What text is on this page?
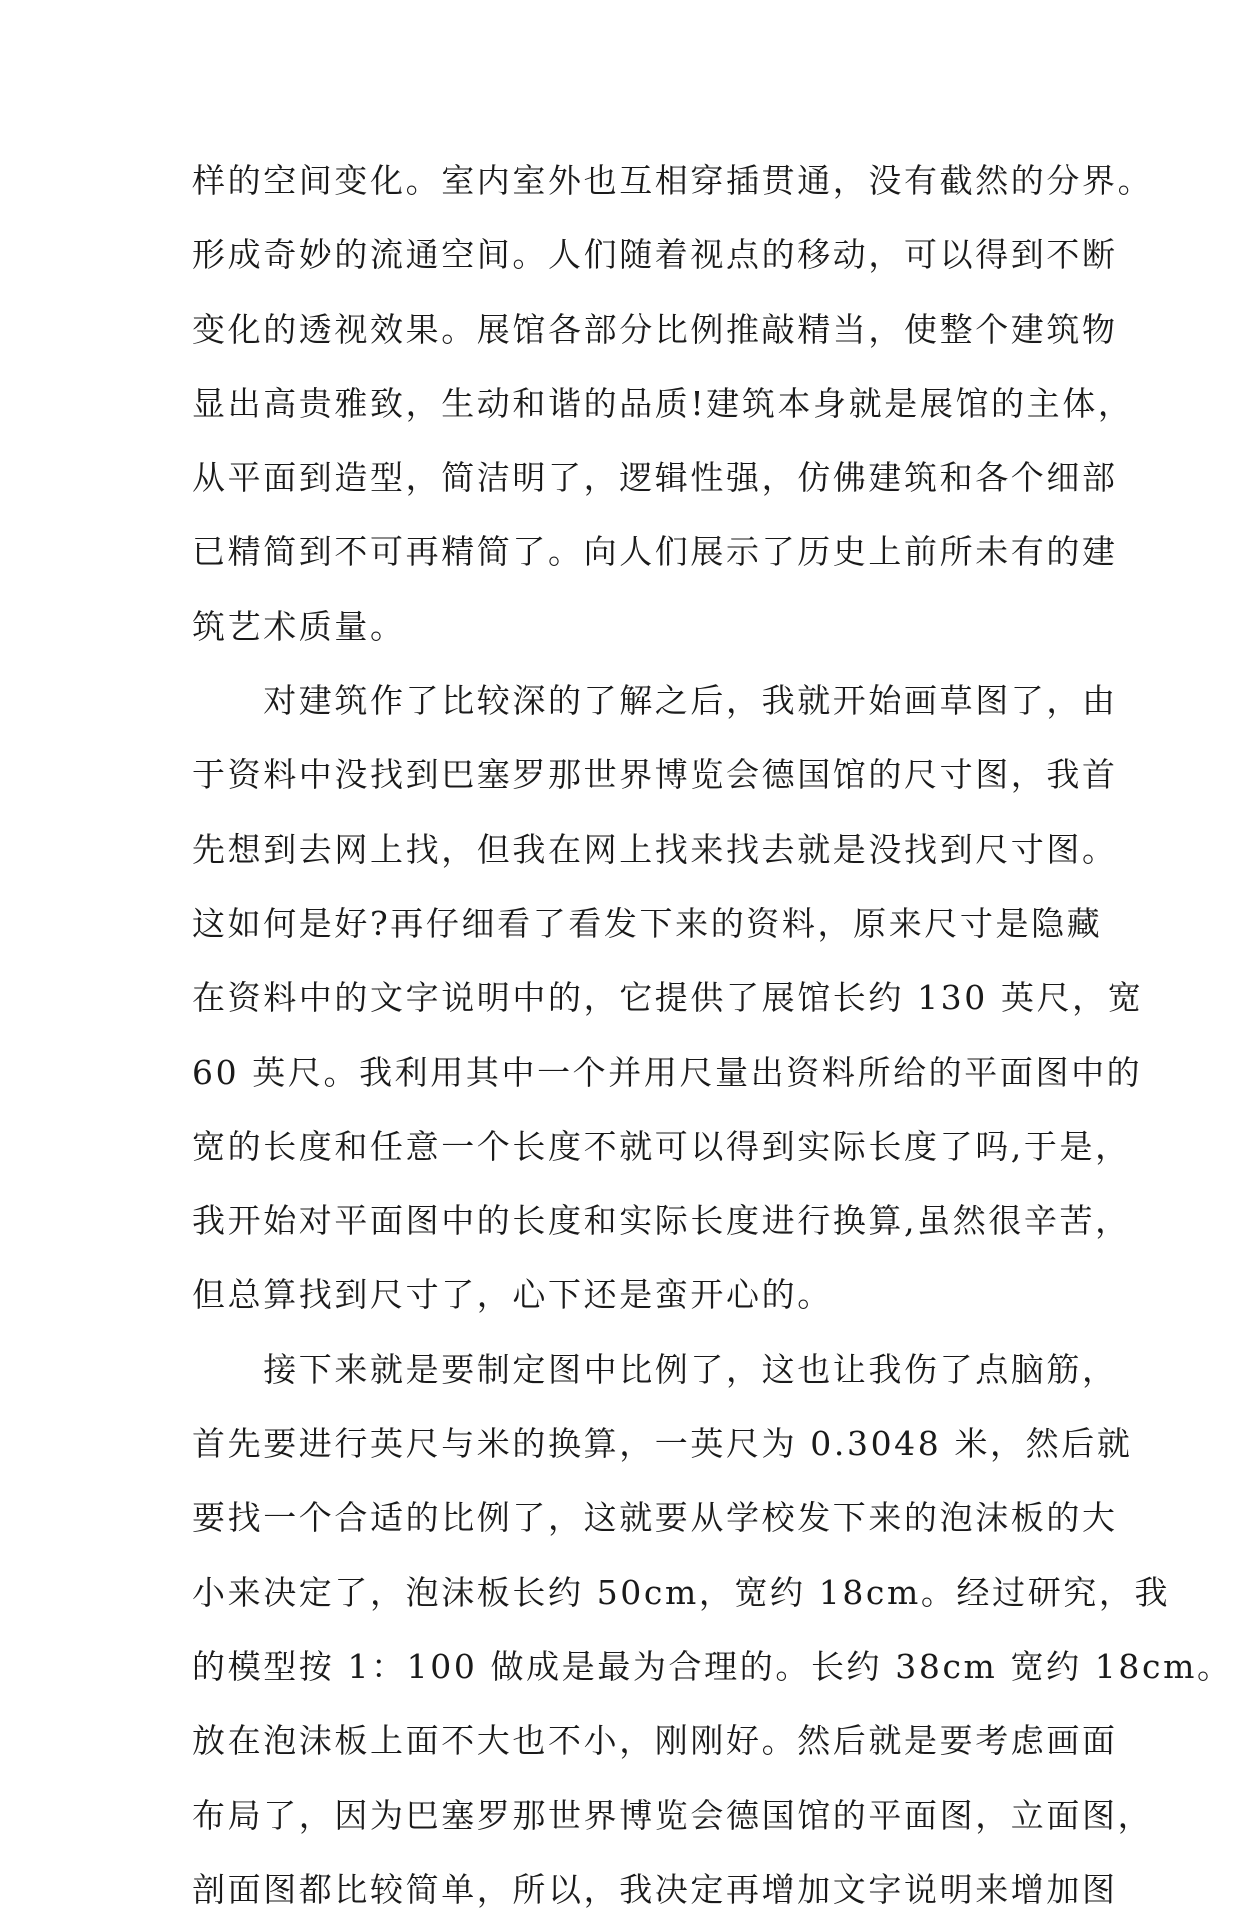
样的空间变化。室内室外也互相穿插贯通，没有截然的分界。
形成奇妙的流通空间。人们随着视点的移动，可以得到不断
变化的透视效果。展馆各部分比例推敲精当，使整个建筑物
显出高贵雅致，生动和谐的品质!建筑本身就是展馆的主体，
从平面到造型，简洁明了，逻辑性强，仿佛建筑和各个细部
已精简到不可再精简了。向人们展示了历史上前所未有的建
筑艺术质量。
　　对建筑作了比较深的了解之后，我就开始画草图了，由
于资料中没找到巴塞罗那世界博览会德国馆的尺寸图，我首
先想到去网上找，但我在网上找来找去就是没找到尺寸图。
这如何是好?再仔细看了看发下来的资料，原来尺寸是隐藏
在资料中的文字说明中的，它提供了展馆长约 130 英尺，宽
60 英尺。我利用其中一个并用尺量出资料所给的平面图中的
宽的长度和任意一个长度不就可以得到实际长度了吗,于是，
我开始对平面图中的长度和实际长度进行换算,虽然很辛苦，
但总算找到尺寸了，心下还是蛮开心的。
　　接下来就是要制定图中比例了，这也让我伤了点脑筋，
首先要进行英尺与米的换算，一英尺为 0.3048 米，然后就
要找一个合适的比例了，这就要从学校发下来的泡沫板的大
小来决定了，泡沫板长约 50cm，宽约 18cm。经过研究，我
的模型按 1：100 做成是最为合理的。长约 38cm 宽约 18cm。
放在泡沫板上面不大也不小，刚刚好。然后就是要考虑画面
布局了，因为巴塞罗那世界博览会德国馆的平面图，立面图，
剖面图都比较简单，所以，我决定再增加文字说明来增加图
